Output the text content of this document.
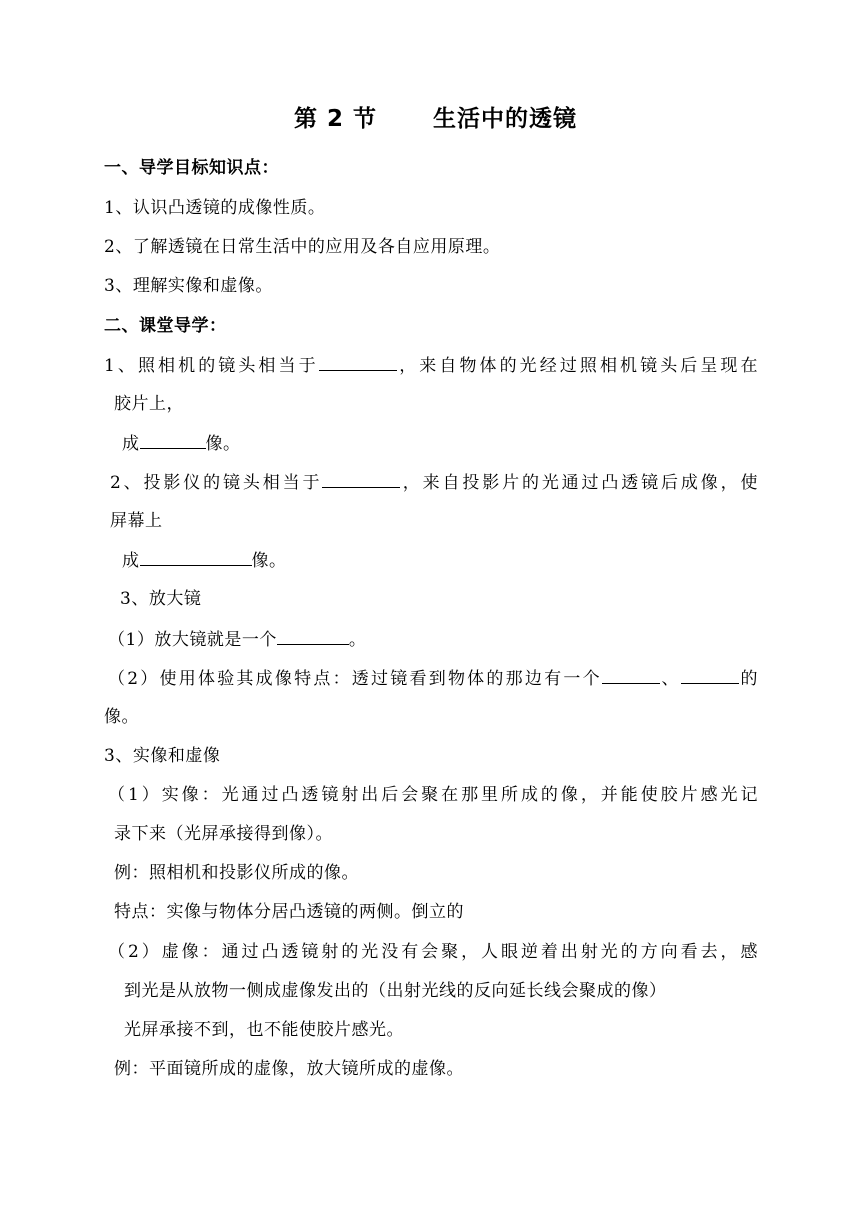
第 2 节 生活中的透镜
一、导学目标知识点：
1、认识凸透镜的成像性质。
2、了解透镜在日常生活中的应用及各自应用原理。
3、理解实像和虚像。
二、课堂导学：
1、照相机的镜头相当于	，来自物体的光经过照相机镜头后呈现在
胶片上，
成	像。
2、投影仪的镜头相当于	，来自投影片的光通过凸透镜后成像，使
屏幕上
成	像。
3、放大镜
（1）放大镜就是一个	。
（2）使用体验其成像特点：透过镜看到物体的那边有一个	、	的
像。
3、实像和虚像
（1）实像：光通过凸透镜射出后会聚在那里所成的像，并能使胶片感光记
录下来（光屏承接得到像）。
例：照相机和投影仪所成的像。
特点：实像与物体分居凸透镜的两侧。倒立的
（2）虚像：通过凸透镜射的光没有会聚，人眼逆着出射光的方向看去，感
到光是从放物一侧成虚像发出的（出射光线的反向延长线会聚成的像）
光屏承接不到，也不能使胶片感光。
例：平面镜所成的虚像，放大镜所成的虚像。
